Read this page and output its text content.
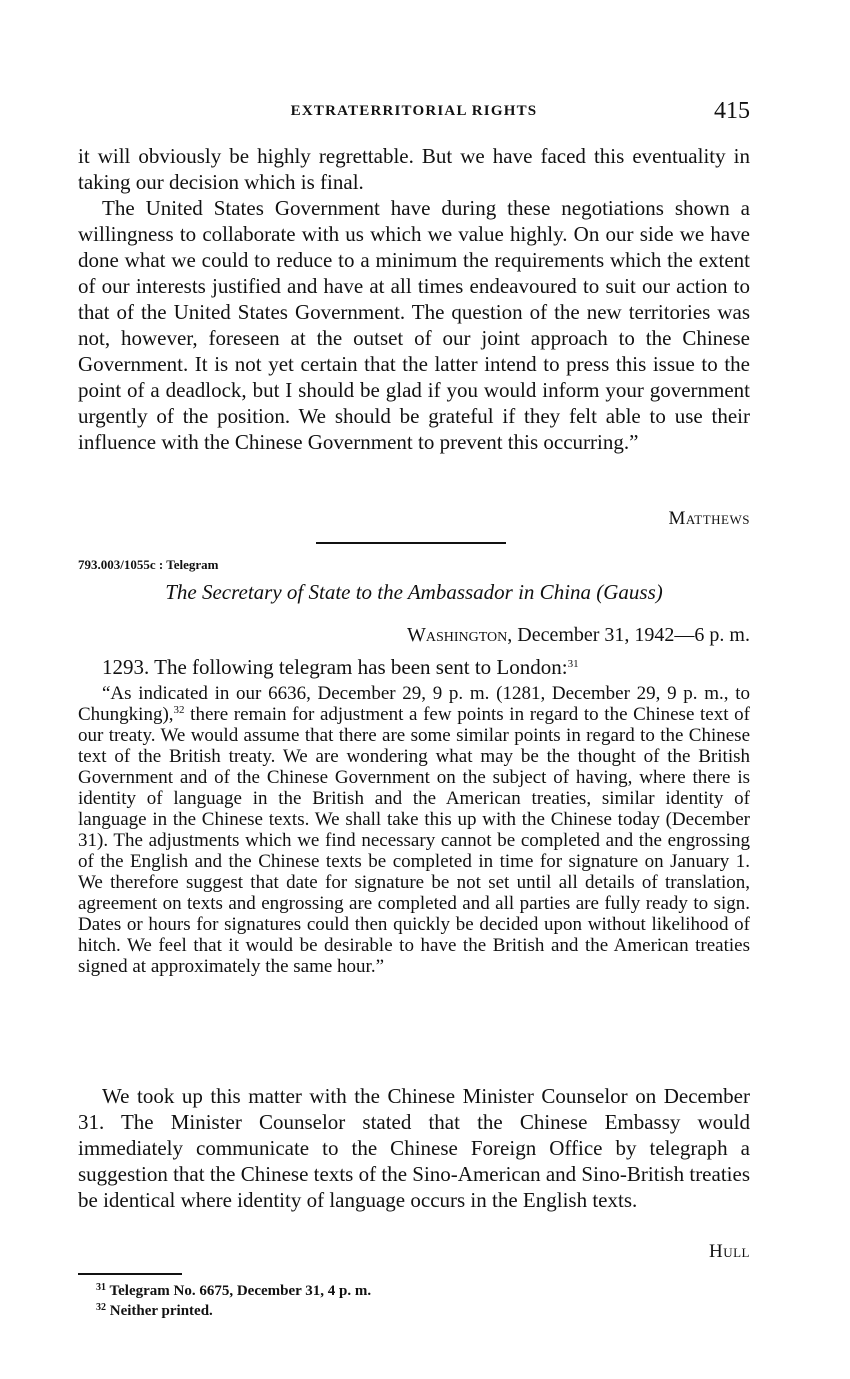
EXTRATERRITORIAL RIGHTS	415

it will obviously be highly regrettable. But we have faced this eventuality in taking our decision which is final.

The United States Government have during these negotiations shown a willingness to collaborate with us which we value highly. On our side we have done what we could to reduce to a minimum the requirements which the extent of our interests justified and have at all times endeavoured to suit our action to that of the United States Government. The question of the new territories was not, however, foreseen at the outset of our joint approach to the Chinese Government. It is not yet certain that the latter intend to press this issue to the point of a deadlock, but I should be glad if you would inform your government urgently of the position. We should be grateful if they felt able to use their influence with the Chinese Government to prevent this occurring.”

Matthews
793.003/1055c : Telegram
The Secretary of State to the Ambassador in China (Gauss)
Washington, December 31, 1942—6 p. m.

1293. The following telegram has been sent to London:$^{31}$

“As indicated in our 6636, December 29, 9 p. m. (1281, December 29, 9 p. m., to Chungking),$^{32}$ there remain for adjustment a few points in regard to the Chinese text of our treaty. We would assume that there are some similar points in regard to the Chinese text of the British treaty. We are wondering what may be the thought of the British Government and of the Chinese Government on the subject of having, where there is identity of language in the British and the American treaties, similar identity of language in the Chinese texts. We shall take this up with the Chinese today (December 31). The adjustments which we find necessary cannot be completed and the engrossing of the English and the Chinese texts be completed in time for signature on January 1. We therefore suggest that date for signature be not set until all details of translation, agreement on texts and engrossing are completed and all parties are fully ready to sign. Dates or hours for signatures could then quickly be decided upon without likelihood of hitch. We feel that it would be desirable to have the British and the American treaties signed at approximately the same hour.”

We took up this matter with the Chinese Minister Counselor on December 31. The Minister Counselor stated that the Chinese Embassy would immediately communicate to the Chinese Foreign Office by telegraph a suggestion that the Chinese texts of the Sino-American and Sino-British treaties be identical where identity of language occurs in the English texts.

Hull
$^{31}$ Telegram No. 6675, December 31, 4 p. m.
$^{32}$ Neither printed.
